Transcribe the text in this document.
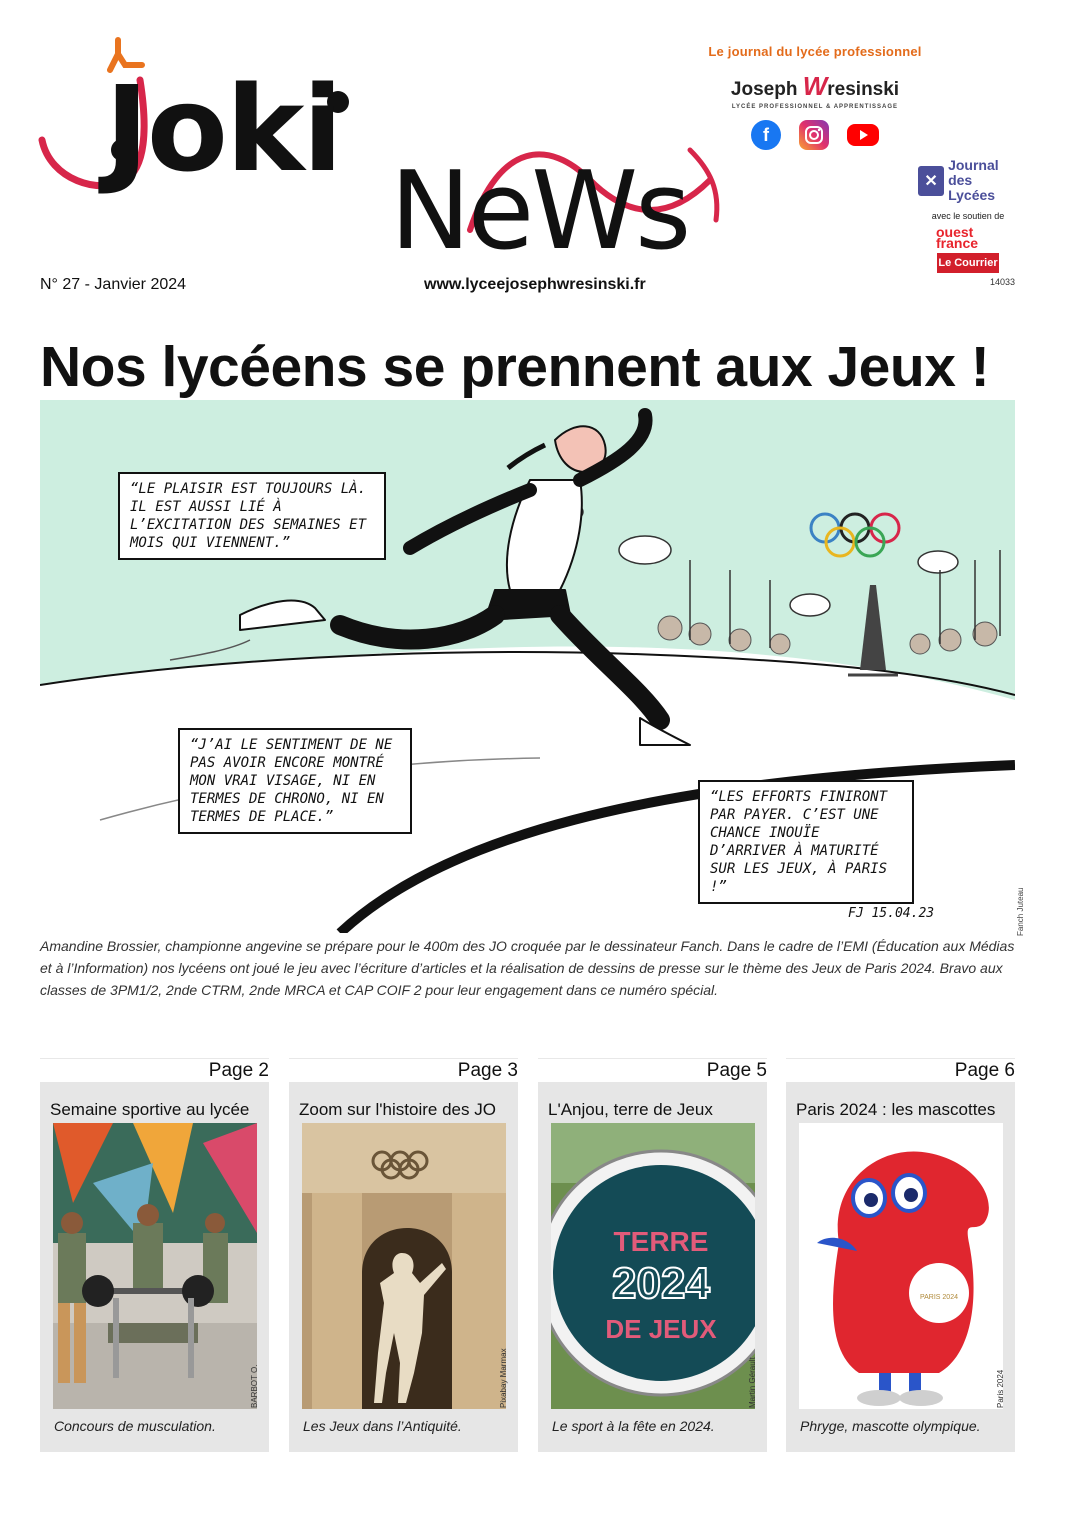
Joki
NeWs
N° 27 - Janvier 2024	www.lyceejosephwresinski.fr
Le journal du lycée professionnel
Joseph Wresinski
LYCÉE PROFESSIONNEL & APPRENTISSAGE
f
✕
Journal
des Lycées
avec le soutien de
ouest france
Le Courrier
14033
Nos lycéens se prennent aux Jeux !
“LE PLAISIR EST TOUJOURS LÀ. IL EST AUSSI LIÉ À L’EXCITATION DES SEMAINES ET MOIS QUI VIENNENT.”
“J’AI LE SENTIMENT DE NE PAS AVOIR ENCORE MONTRÉ MON VRAI VISAGE, NI EN TERMES DE CHRONO, NI EN TERMES DE PLACE.”
“LES EFFORTS FINIRONT PAR PAYER. C’EST UNE CHANCE INOUÏE D’ARRIVER À MATURITÉ SUR LES JEUX, À PARIS !”
FJ 15.04.23	Fanch Juteau

Amandine Brossier, championne angevine se prépare pour le 400m des JO croquée par le dessinateur Fanch. Dans le cadre de l’EMI (Éducation aux Médias et à l’Information) nos lycéens ont joué le jeu avec l’écriture d’articles et la réalisation de dessins de presse sur le thème des Jeux de Paris 2024. Bravo aux classes de 3PM1/2, 2nde CTRM, 2nde MRCA et CAP COIF 2 pour leur engagement dans ce numéro spécial.

Page 2
Semaine sportive au lycée
BARBOT O.
Concours de musculation.
Page 3
Zoom sur l'histoire des JO
Pixabay Marmax
Les Jeux dans l’Antiquité.
Page 5
L'Anjou, terre de Jeux
TERRE
2024
DE JEUX
Martin Gérault
Le sport à la fête en 2024.
Page 6
Paris 2024 : les mascottes
PARIS 2024
Paris 2024
Phryge, mascotte olympique.
